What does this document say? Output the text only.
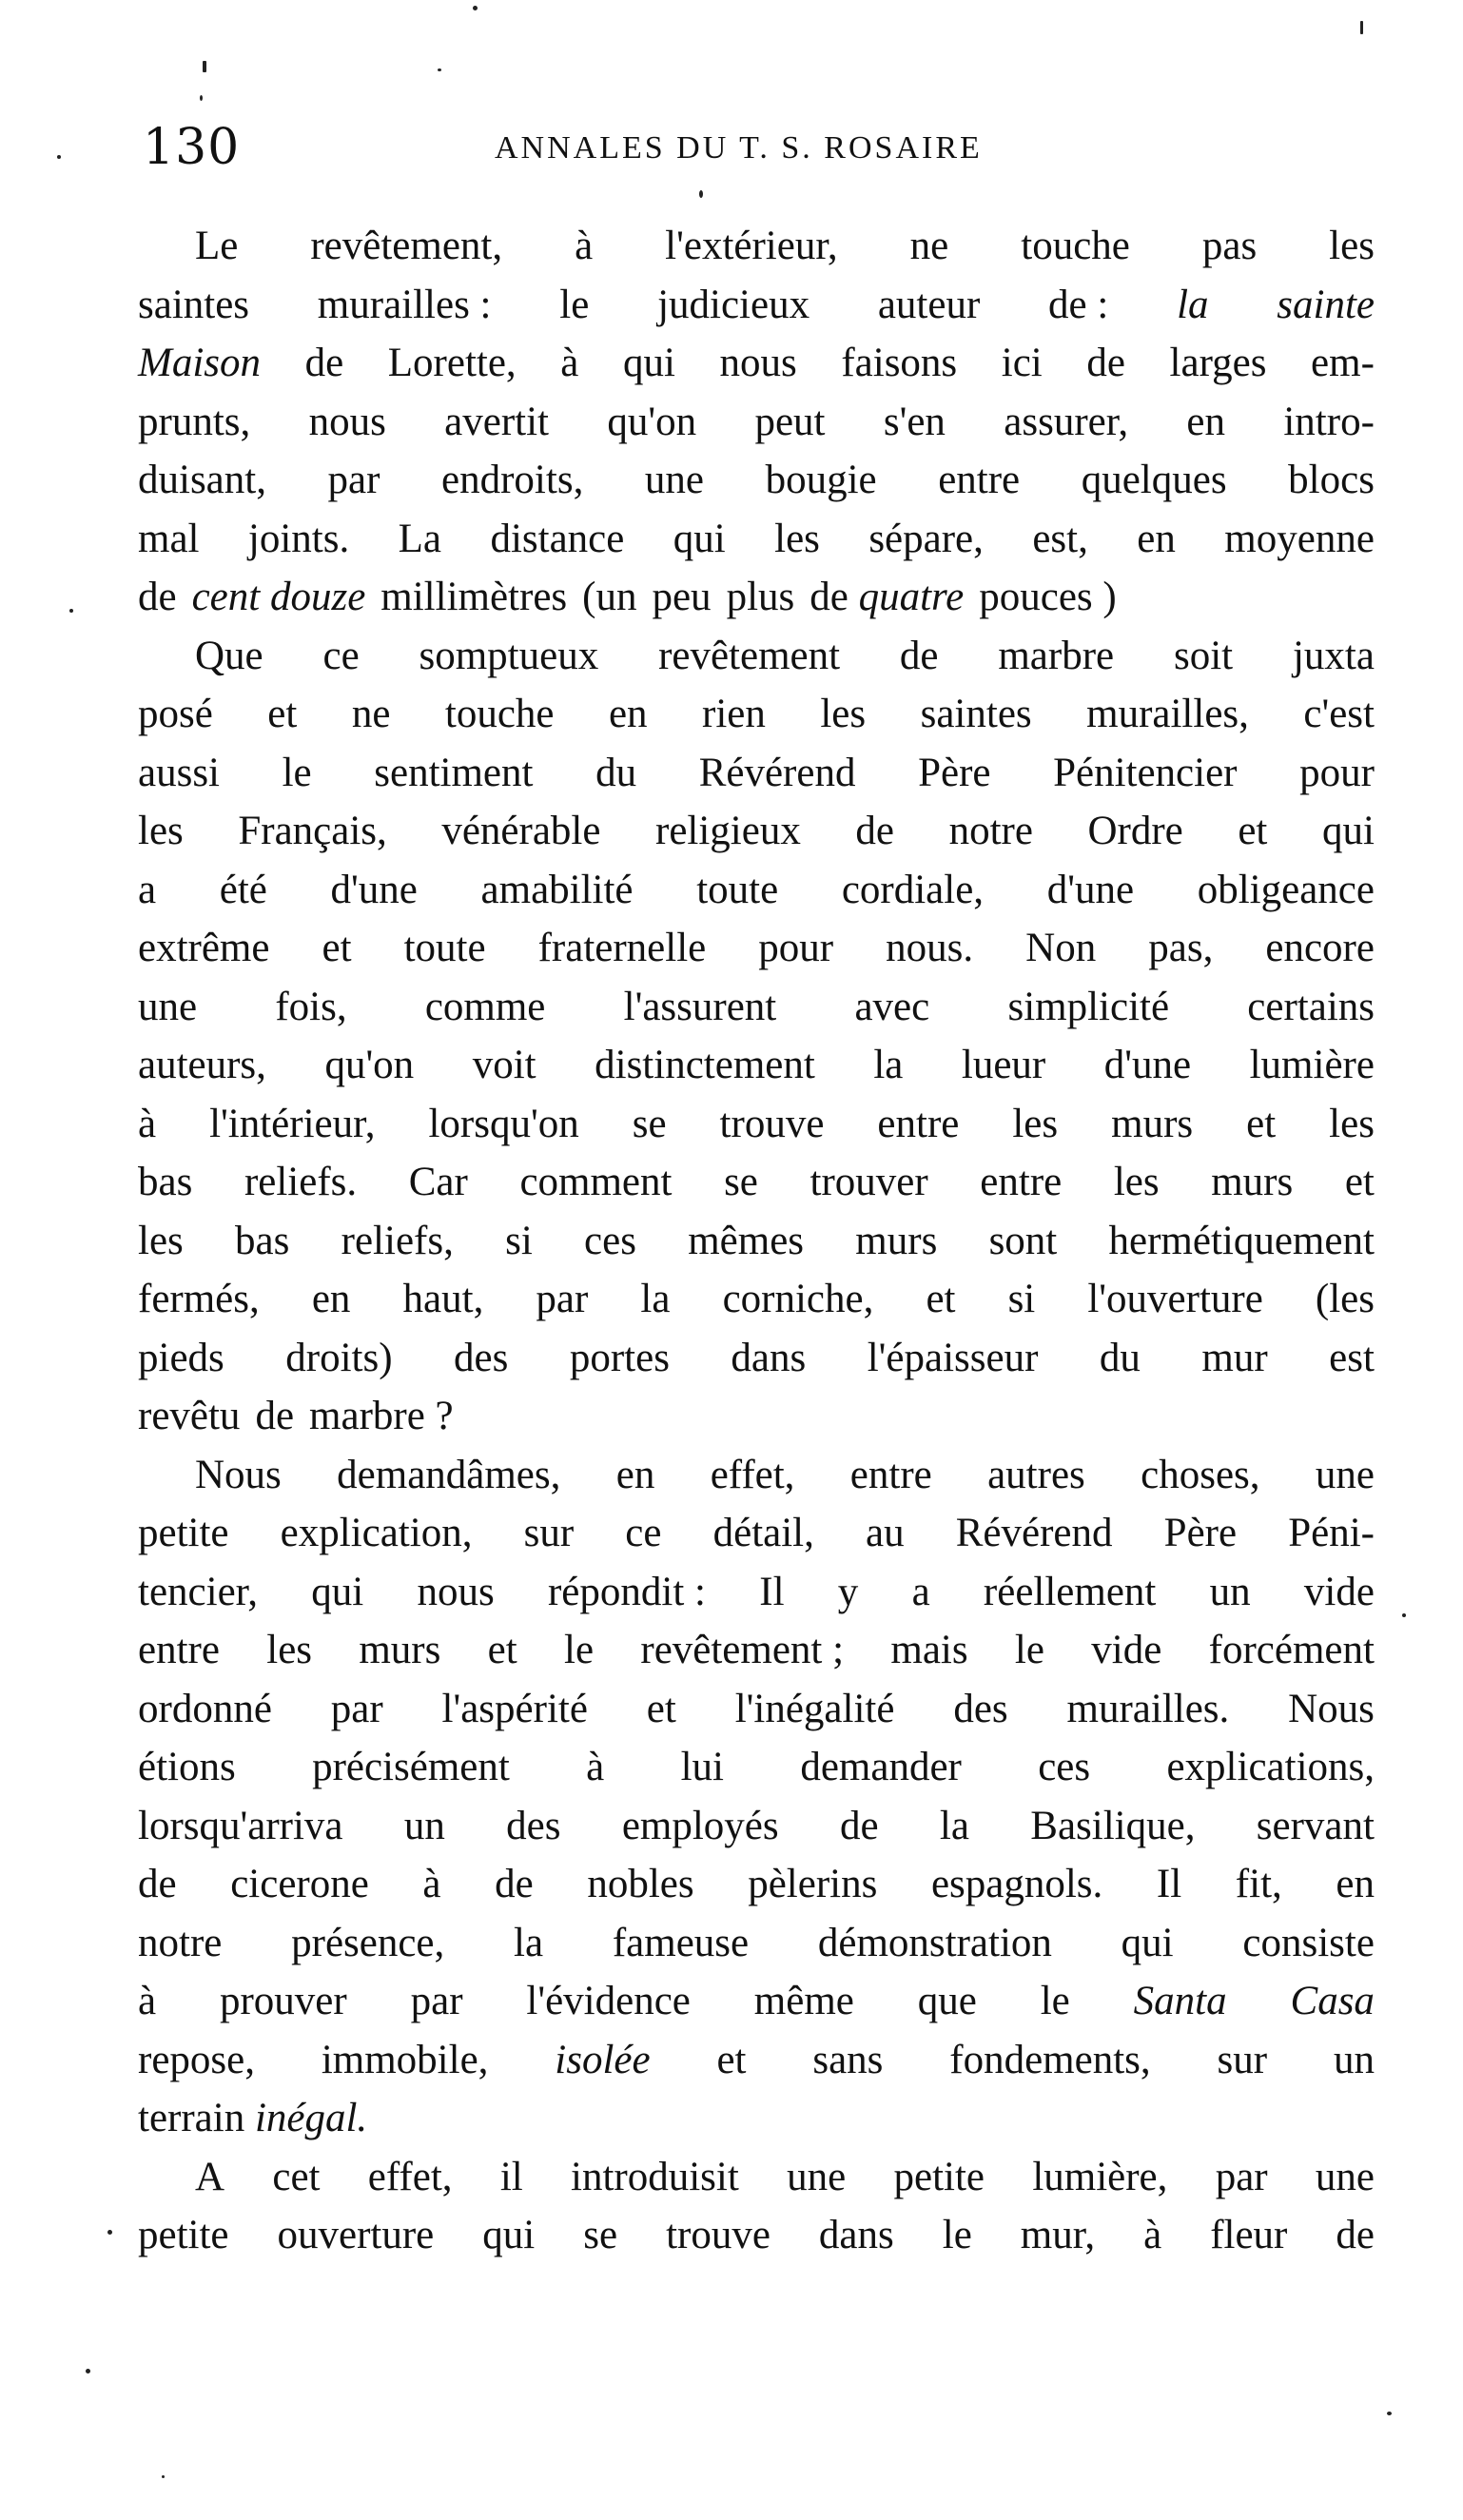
130	ANNALES DU T. S. ROSAIRE
Le revêtement, à l'extérieur, ne touche pas les
saintes murailles : le judicieux auteur de : la sainte
Maison de Lorette, à qui nous faisons ici de larges em-
prunts, nous avertit qu'on peut s'en assurer, en intro-
duisant, par endroits, une bougie entre quelques blocs
mal joints. La distance qui les sépare, est, en moyenne
de cent douze millimètres (un peu plus de quatre pouces )
Que ce somptueux revêtement de marbre soit juxta
posé et ne touche en rien les saintes murailles, c'est
aussi le sentiment du Révérend Père Pénitencier pour
les Français, vénérable religieux de notre Ordre et qui
a été d'une amabilité toute cordiale, d'une obligeance
extrême et toute fraternelle pour nous. Non pas, encore
une fois, comme l'assurent avec simplicité certains
auteurs, qu'on voit distinctement la lueur d'une lumière
à l'intérieur, lorsqu'on se trouve entre les murs et les
bas reliefs. Car comment se trouver entre les murs et
les bas reliefs, si ces mêmes murs sont hermétiquement
fermés, en haut, par la corniche, et si l'ouverture (les
pieds droits) des portes dans l'épaisseur du mur est
revêtu de marbre ?
Nous demandâmes, en effet, entre autres choses, une
petite explication, sur ce détail, au Révérend Père Péni-
tencier, qui nous répondit : Il y a réellement un vide
entre les murs et le revêtement ; mais le vide forcément
ordonné par l'aspérité et l'inégalité des murailles. Nous
étions précisément à lui demander ces explications,
lorsqu'arriva un des employés de la Basilique, servant
de cicerone à de nobles pèlerins espagnols. Il fit, en
notre présence, la fameuse démonstration qui consiste
à prouver par l'évidence même que le Santa Casa
repose, immobile, isolée et sans fondements, sur un
terrain inégal.
A cet effet, il introduisit une petite lumière, par une
petite ouverture qui se trouve dans le mur, à fleur de
